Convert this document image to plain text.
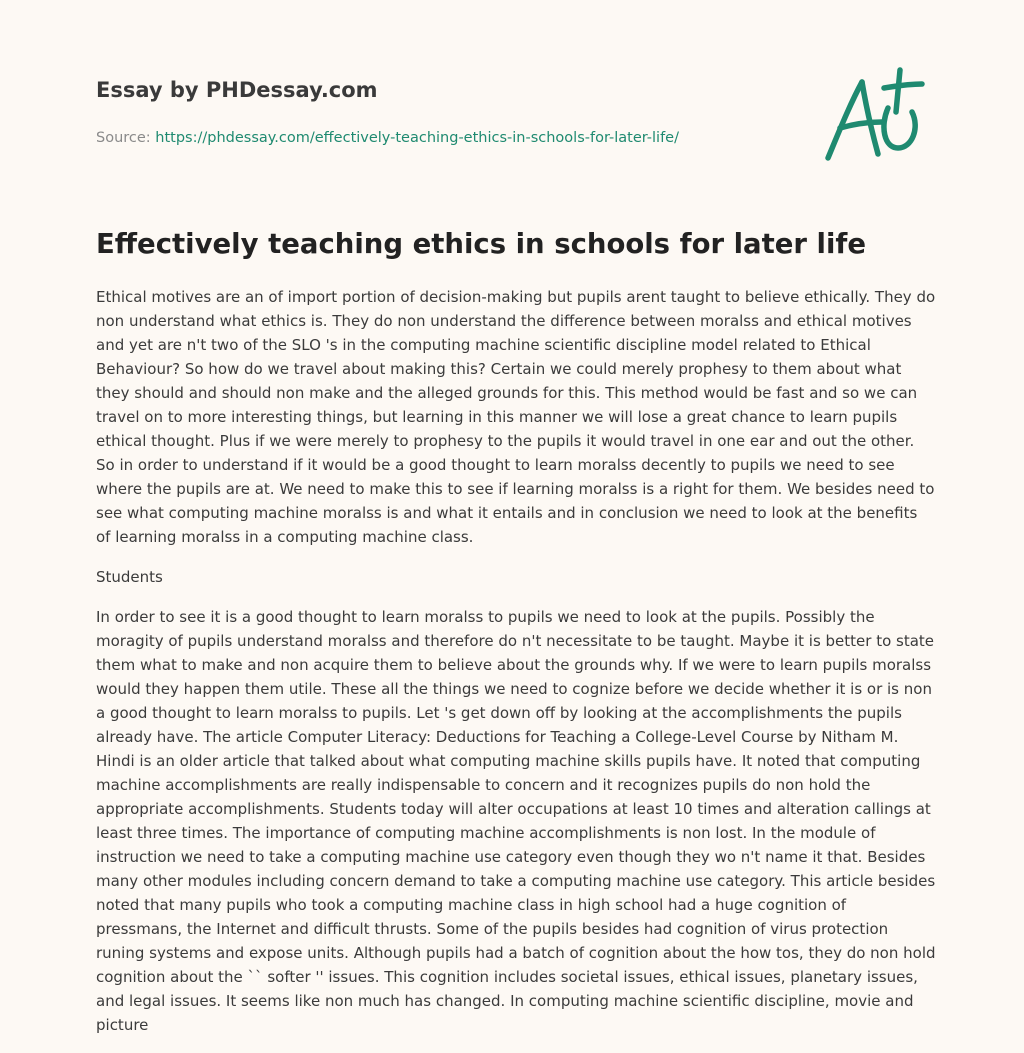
Essay by PHDessay.com
Source: https://phdessay.com/effectively-teaching-ethics-in-schools-for-later-life/
Effectively teaching ethics in schools for later life

Ethical motives are an of import portion of decision-making but pupils arent taught to believe ethically. They do non understand what ethics is. They do non understand the difference between moralss and ethical motives and yet are n't two of the SLO 's in the computing machine scientific discipline model related to Ethical Behaviour? So how do we travel about making this? Certain we could merely prophesy to them about what they should and should non make and the alleged grounds for this. This method would be fast and so we can travel on to more interesting things, but learning in this manner we will lose a great chance to learn pupils ethical thought. Plus if we were merely to prophesy to the pupils it would travel in one ear and out the other. So in order to understand if it would be a good thought to learn moralss decently to pupils we need to see where the pupils are at. We need to make this to see if learning moralss is a right for them. We besides need to see what computing machine moralss is and what it entails and in conclusion we need to look at the benefits of learning moralss in a computing machine class.

Students

In order to see it is a good thought to learn moralss to pupils we need to look at the pupils. Possibly the moragity of pupils understand moralss and therefore do n't necessitate to be taught. Maybe it is better to state them what to make and non acquire them to believe about the grounds why. If we were to learn pupils moralss would they happen them utile. These all the things we need to cognize before we decide whether it is or is non a good thought to learn moralss to pupils. Let 's get down off by looking at the accomplishments the pupils already have. The article Computer Literacy: Deductions for Teaching a College-Level Course by Nitham M. Hindi is an older article that talked about what computing machine skills pupils have. It noted that computing machine accomplishments are really indispensable to concern and it recognizes pupils do non hold the appropriate accomplishments. Students today will alter occupations at least 10 times and alteration callings at least three times. The importance of computing machine accomplishments is non lost. In the module of instruction we need to take a computing machine use category even though they wo n't name it that. Besides many other modules including concern demand to take a computing machine use category. This article besides noted that many pupils who took a computing machine class in high school had a huge cognition of pressmans, the Internet and difficult thrusts. Some of the pupils besides had cognition of virus protection runing systems and expose units. Although pupils had a batch of cognition about the how tos, they do non hold cognition about the `` softer '' issues. This cognition includes societal issues, ethical issues, planetary issues, and legal issues. It seems like non much has changed. In computing machine scientific discipline, movie and picture
